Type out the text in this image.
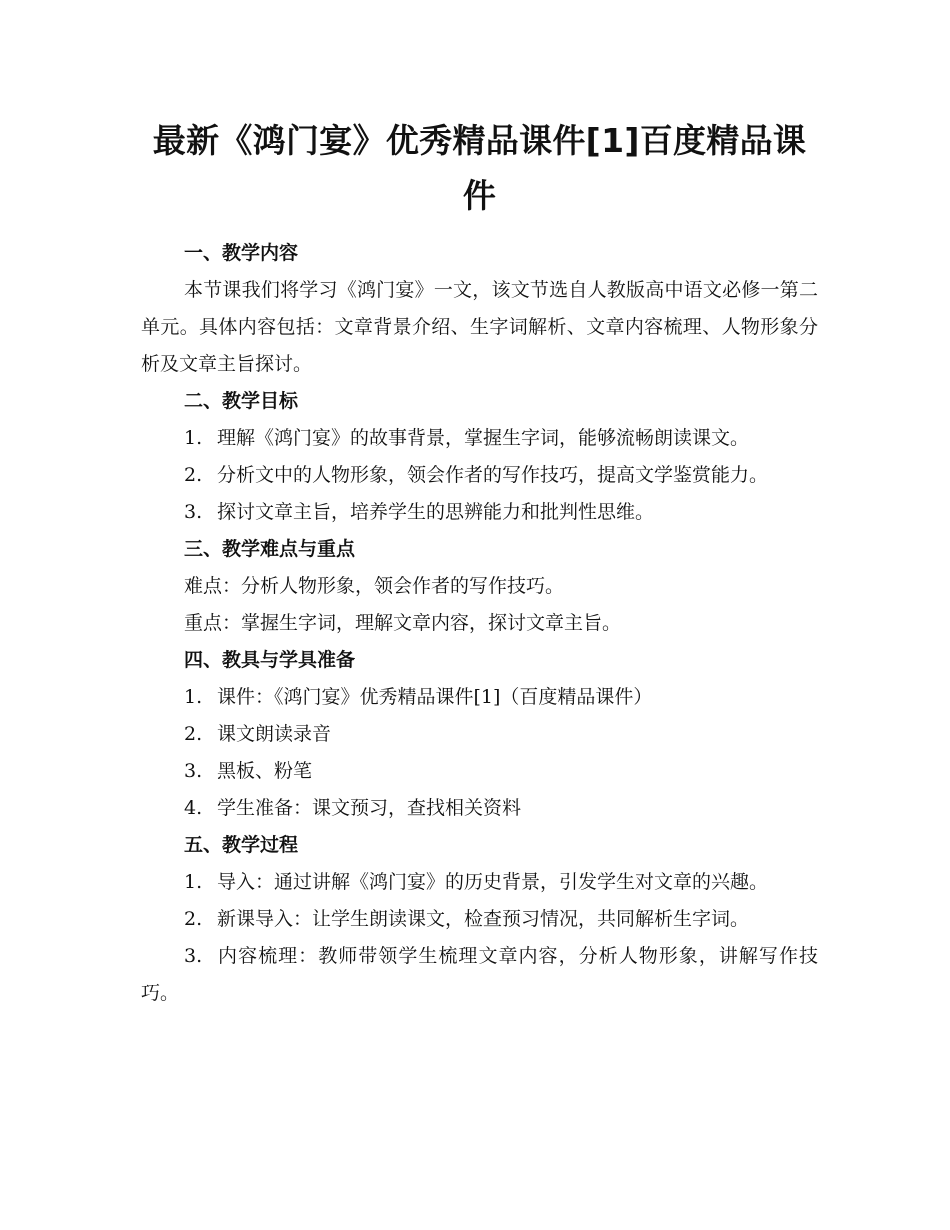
最新《鸿门宴》优秀精品课件[1]百度精品课件
一、教学内容

本节课我们将学习《鸿门宴》一文，该文节选自人教版高中语文必修一第二单元。具体内容包括：文章背景介绍、生字词解析、文章内容梳理、人物形象分析及文章主旨探讨。

二、教学目标

1. 理解《鸿门宴》的故事背景，掌握生字词，能够流畅朗读课文。

2. 分析文中的人物形象，领会作者的写作技巧，提高文学鉴赏能力。

3. 探讨文章主旨，培养学生的思辨能力和批判性思维。

三、教学难点与重点

难点：分析人物形象，领会作者的写作技巧。

重点：掌握生字词，理解文章内容，探讨文章主旨。

四、教具与学具准备

1. 课件：《鸿门宴》优秀精品课件[1]（百度精品课件）

2. 课文朗读录音

3. 黑板、粉笔

4. 学生准备：课文预习，查找相关资料

五、教学过程

1. 导入：通过讲解《鸿门宴》的历史背景，引发学生对文章的兴趣。

2. 新课导入：让学生朗读课文，检查预习情况，共同解析生字词。

3. 内容梳理：教师带领学生梳理文章内容，分析人物形象，讲解写作技巧。
